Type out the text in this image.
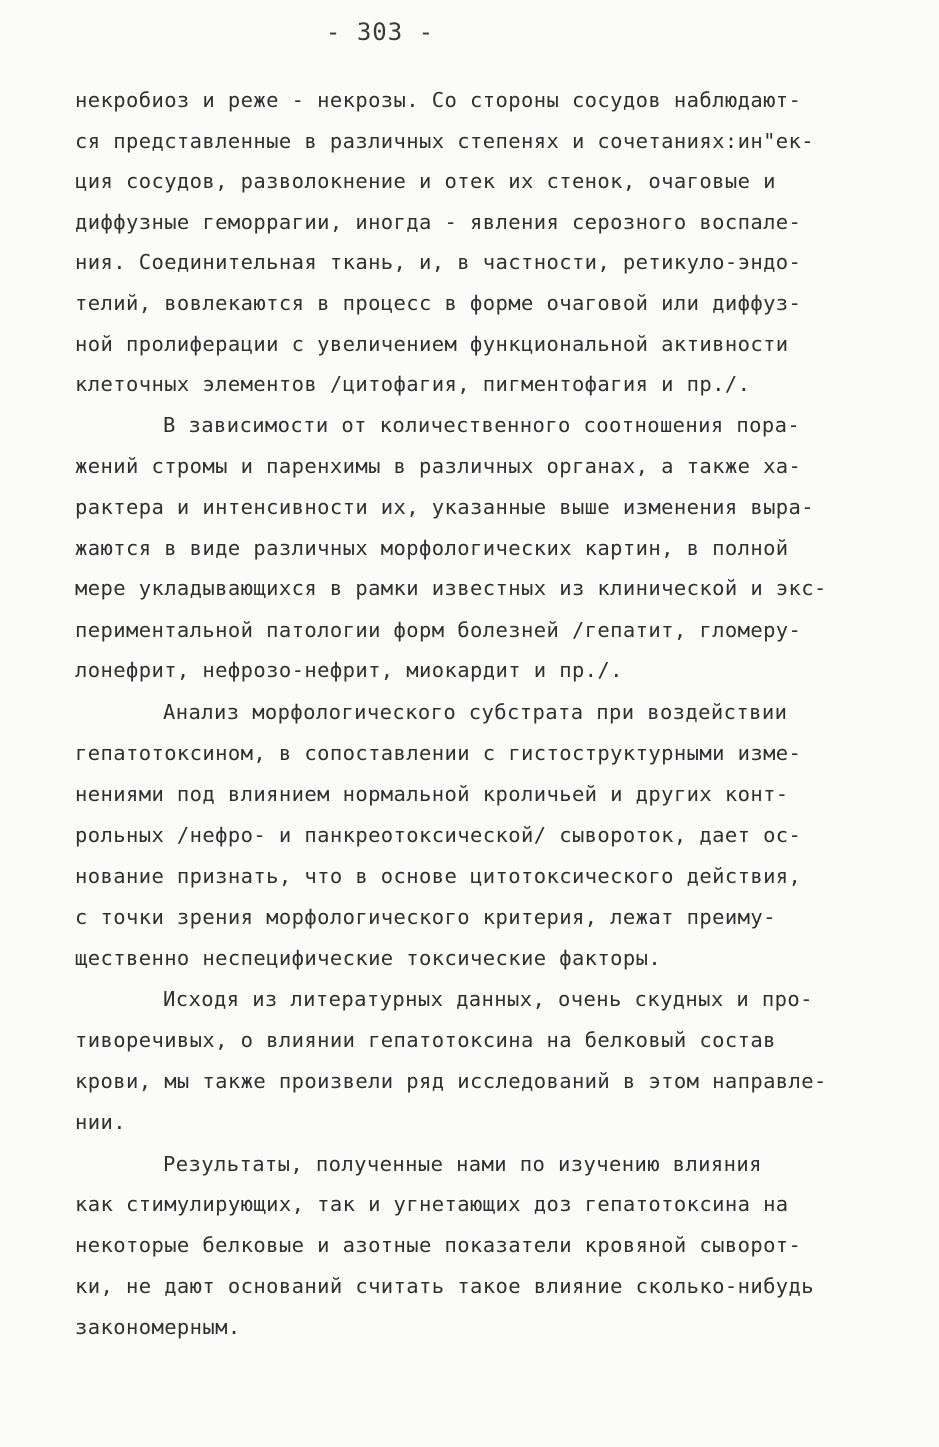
- 303 -
некробиоз и реже - некрозы. Со стороны сосудов наблюдают-
ся представленные в различных степенях и сочетаниях:ин"ек-
ция сосудов, разволокнение и отек их стенок, очаговые и
диффузные геморрагии, иногда - явления серозного воспале-
ния. Соединительная ткань, и, в частности, ретикуло-эндо-
телий, вовлекаются в процесс в форме очаговой или диффуз-
ной пролиферации с увеличением функциональной активности
клеточных элементов /цитофагия, пигментофагия и пр./.
В зависимости от количественного соотношения пора-
жений стромы и паренхимы в различных органах, а также ха-
рактера и интенсивности их, указанные выше изменения выра-
жаются в виде различных морфологических картин, в полной
мере укладывающихся в рамки известных из клинической и экс-
периментальной патологии форм болезней /гепатит, гломеру-
лонефрит, нефрозо-нефрит, миокардит и пр./.
Анализ морфологического субстрата при воздействии
гепатотоксином, в сопоставлении с гистоструктурными изме-
нениями под влиянием нормальной кроличьей и других конт-
рольных /нефро- и панкреотоксической/ сывороток, дает ос-
нование признать, что в основе цитотоксического действия,
с точки зрения морфологического критерия, лежат преиму-
щественно неспецифические токсические факторы.
Исходя из литературных данных, очень скудных и про-
тиворечивых, о влиянии гепатотоксина на белковый состав
крови, мы также произвели ряд исследований в этом направле-
нии.
Результаты, полученные нами по изучению влияния
как стимулирующих, так и угнетающих доз гепатотоксина на
некоторые белковые и азотные показатели кровяной сыворот-
ки, не дают оснований считать такое влияние сколько-нибудь
закономерным.
